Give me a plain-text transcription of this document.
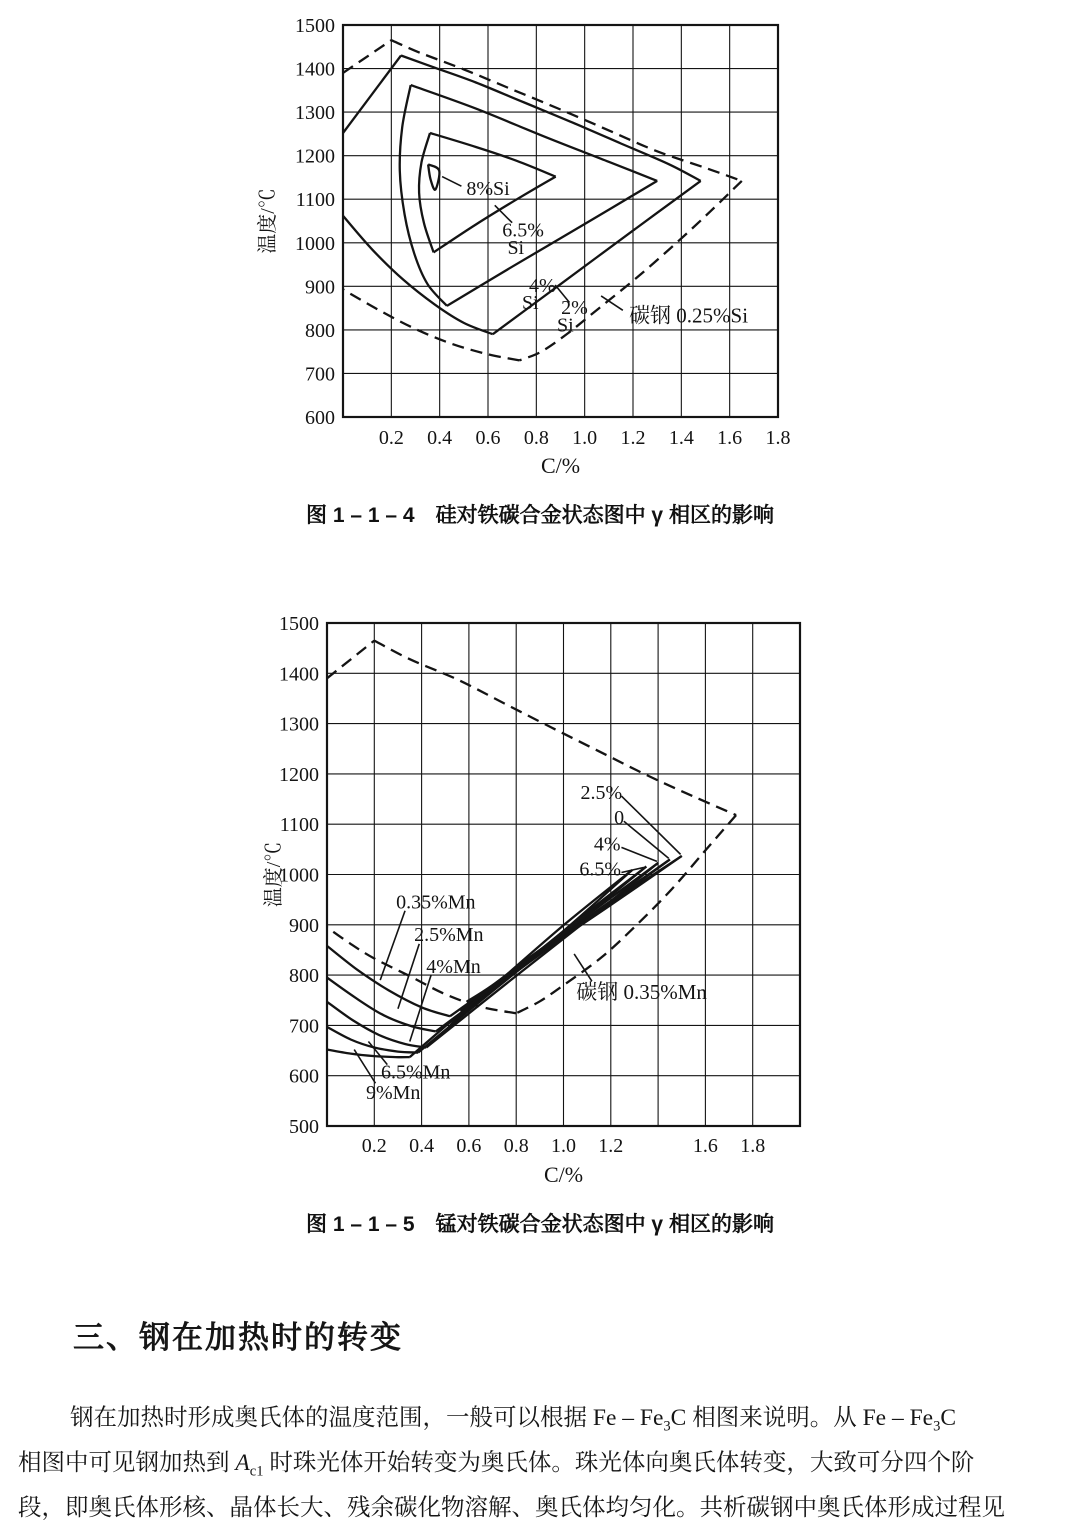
8%Si
6.5%
Si
4%
Si 2%
Si	碳钢 0.25%Si
0.2 0.4 0.6 0.8 1.0 1.2 1.4 1.6 1.8
600
700
800
900
1000
1100
1200
1300
1400
1500
C/%
温度/℃
图 1 – 1 – 4　硅对铁碳合金状态图中 γ 相区的影响
2.5%
0
4%
6.5%
0.35%Mn
2.5%Mn
4%Mn
碳钢 0.35%Mn
6.5%Mn
9%Mn
0.2 0.4 0.6 0.8 1.0 1.2	1.6 1.8
500
600
700
800
900
1000
1100
1200
1300
1400
1500
C/%
温度/℃
图 1 – 1 – 5　锰对铁碳合金状态图中 γ 相区的影响
三、钢在加热时的转变
钢在加热时形成奥氏体的温度范围，一般可以根据 Fe – $Fe_3C$ 相图来说明。从 Fe – $Fe_3C$
相图中可见钢加热到 $A_{c1}$ 时珠光体开始转变为奥氏体。珠光体向奥氏体转变，大致可分四个阶
段，即奥氏体形核、晶体长大、残余碳化物溶解、奥氏体均匀化。共析碳钢中奥氏体形成过程见
